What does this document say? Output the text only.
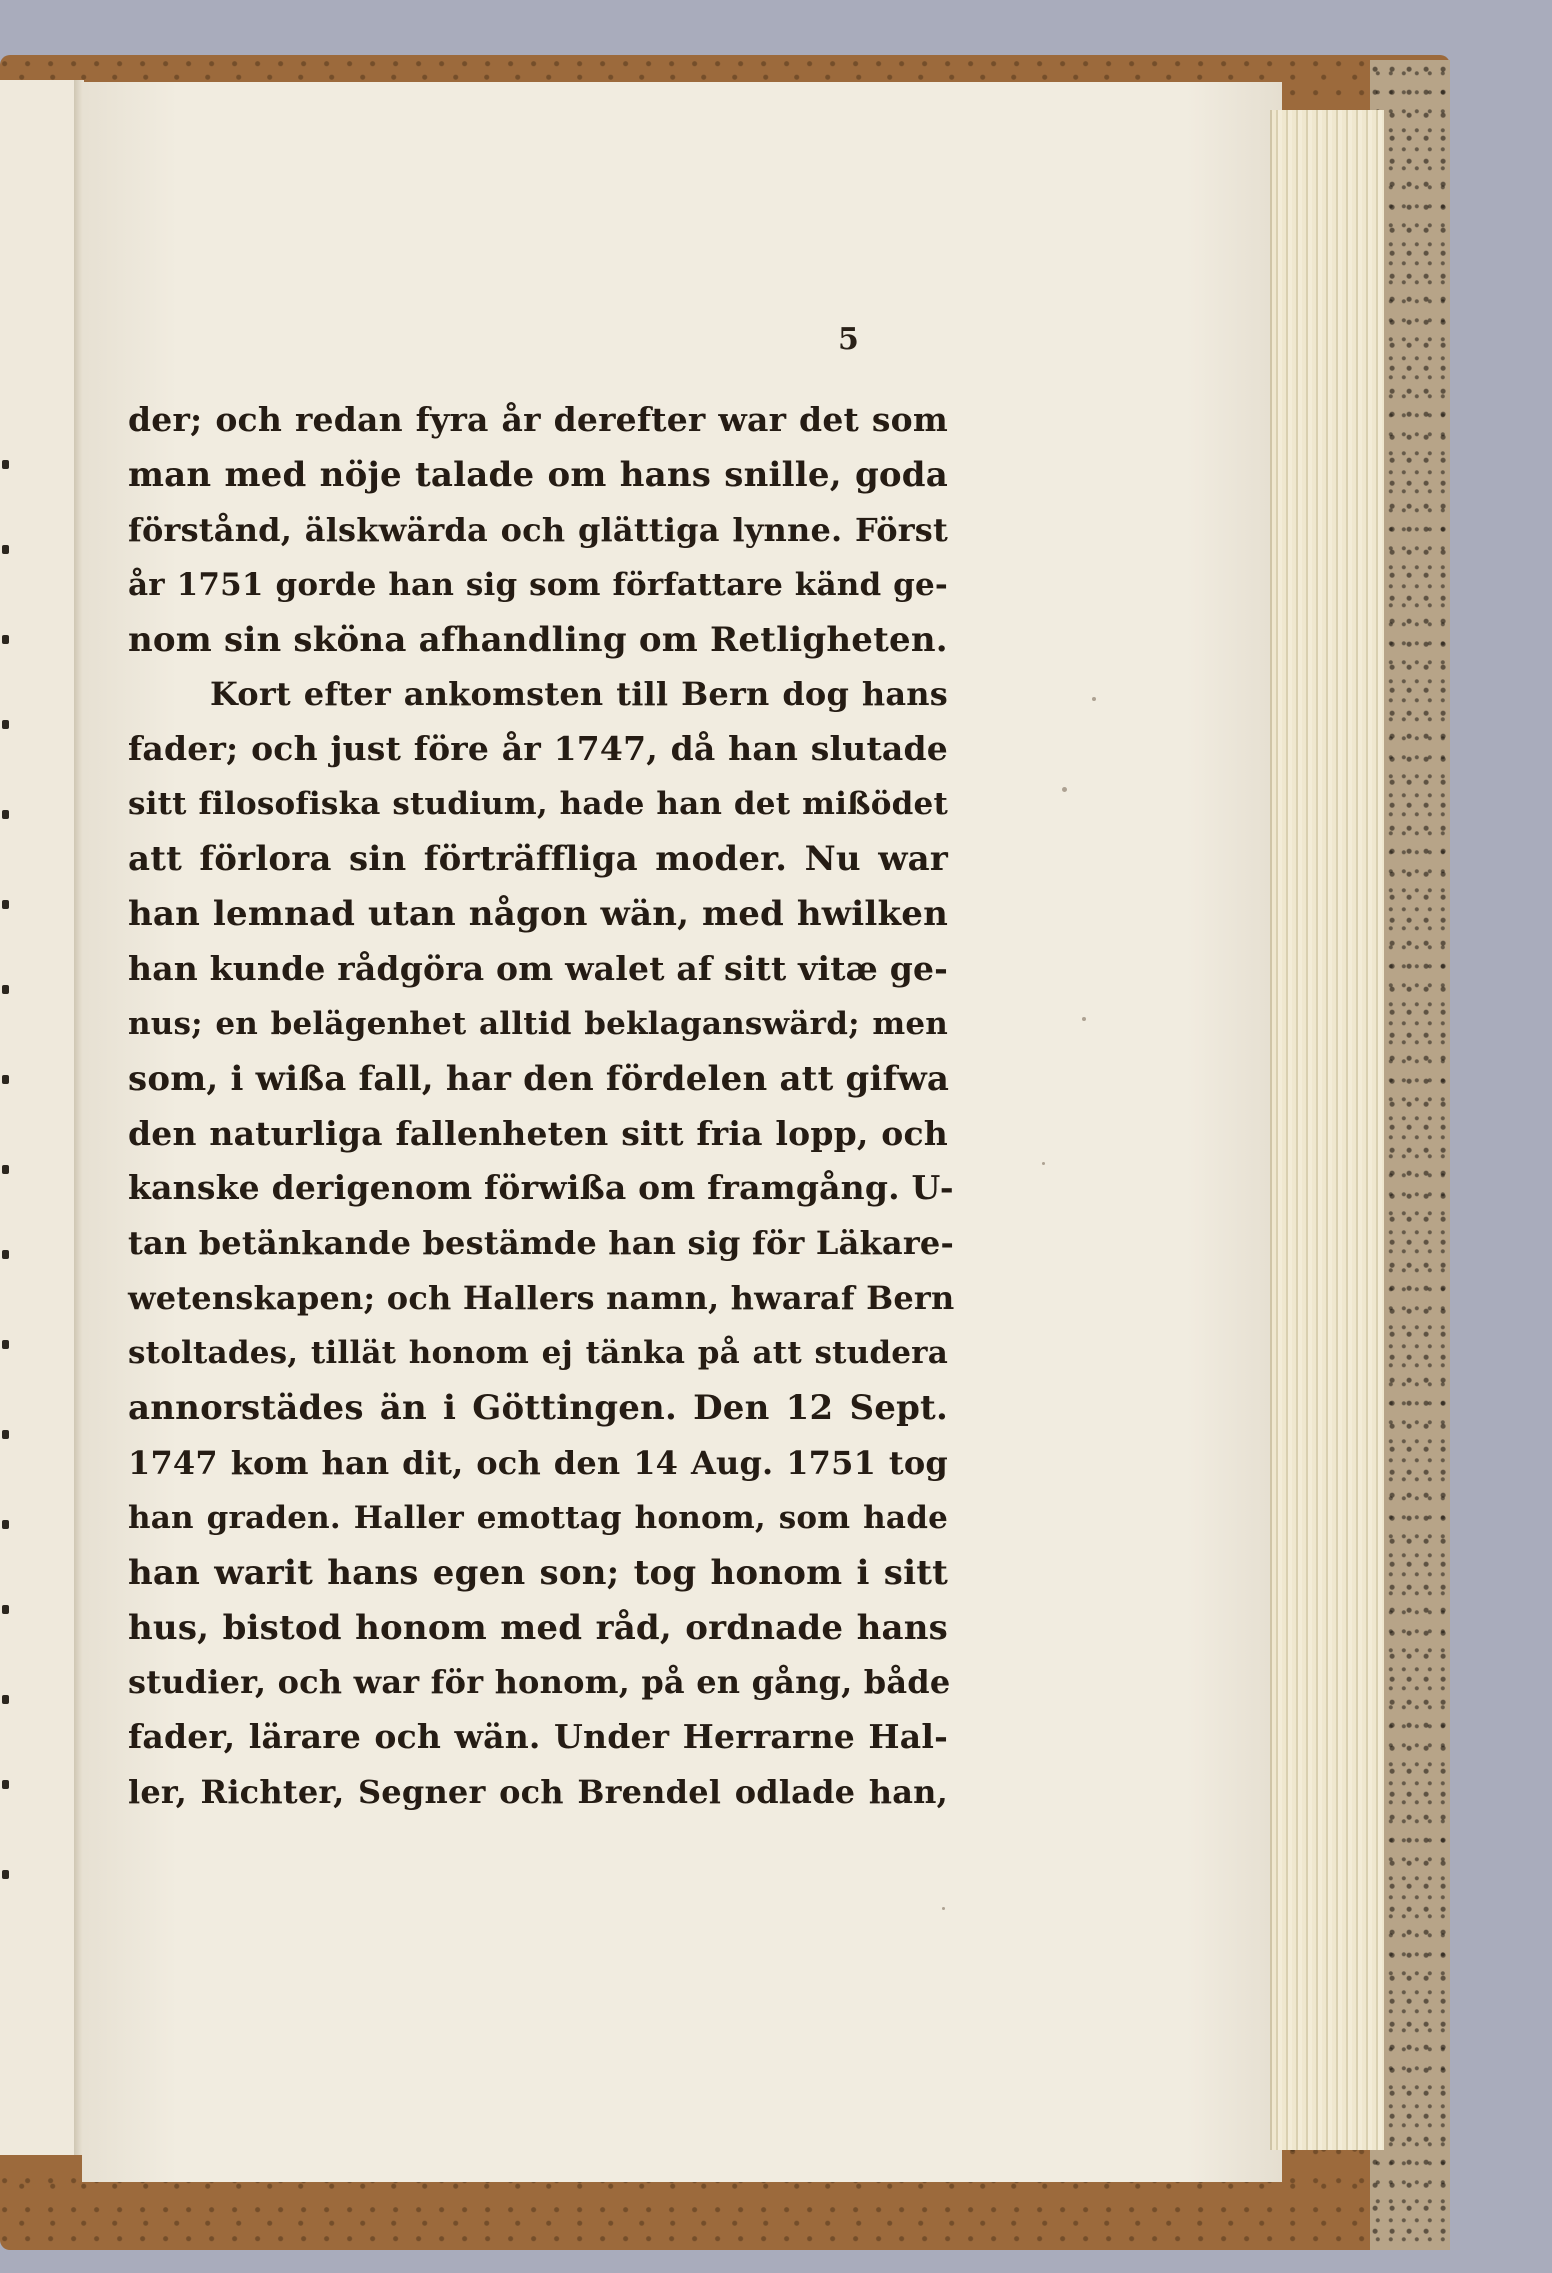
5
der; och redan fyra år derefter war det som
man med nöje talade om hans snille, goda
förstånd, älskwärda och glättiga lynne. Först
år 1751 gorde han sig som författare känd ge-
nom sin sköna afhandling om Retligheten.
Kort efter ankomsten till Bern dog hans
fader; och just före år 1747, då han slutade
sitt filosofiska studium, hade han det mißödet
att förlora sin förträffliga moder. Nu war
han lemnad utan någon wän, med hwilken
han kunde rådgöra om walet af sitt vitæ ge-
nus; en belägenhet alltid beklaganswärd; men
som, i wißa fall, har den fördelen att gifwa
den naturliga fallenheten sitt fria lopp, och
kanske derigenom förwißa om framgång. U-
tan betänkande bestämde han sig för Läkare-
wetenskapen; och Hallers namn, hwaraf Bern
stoltades, tillät honom ej tänka på att studera
annorstädes än i Göttingen. Den 12 Sept.
1747 kom han dit, och den 14 Aug. 1751 tog
han graden. Haller emottag honom, som hade
han warit hans egen son; tog honom i sitt
hus, bistod honom med råd, ordnade hans
studier, och war för honom, på en gång, både
fader, lärare och wän. Under Herrarne Hal-
ler, Richter, Segner och Brendel odlade han,
